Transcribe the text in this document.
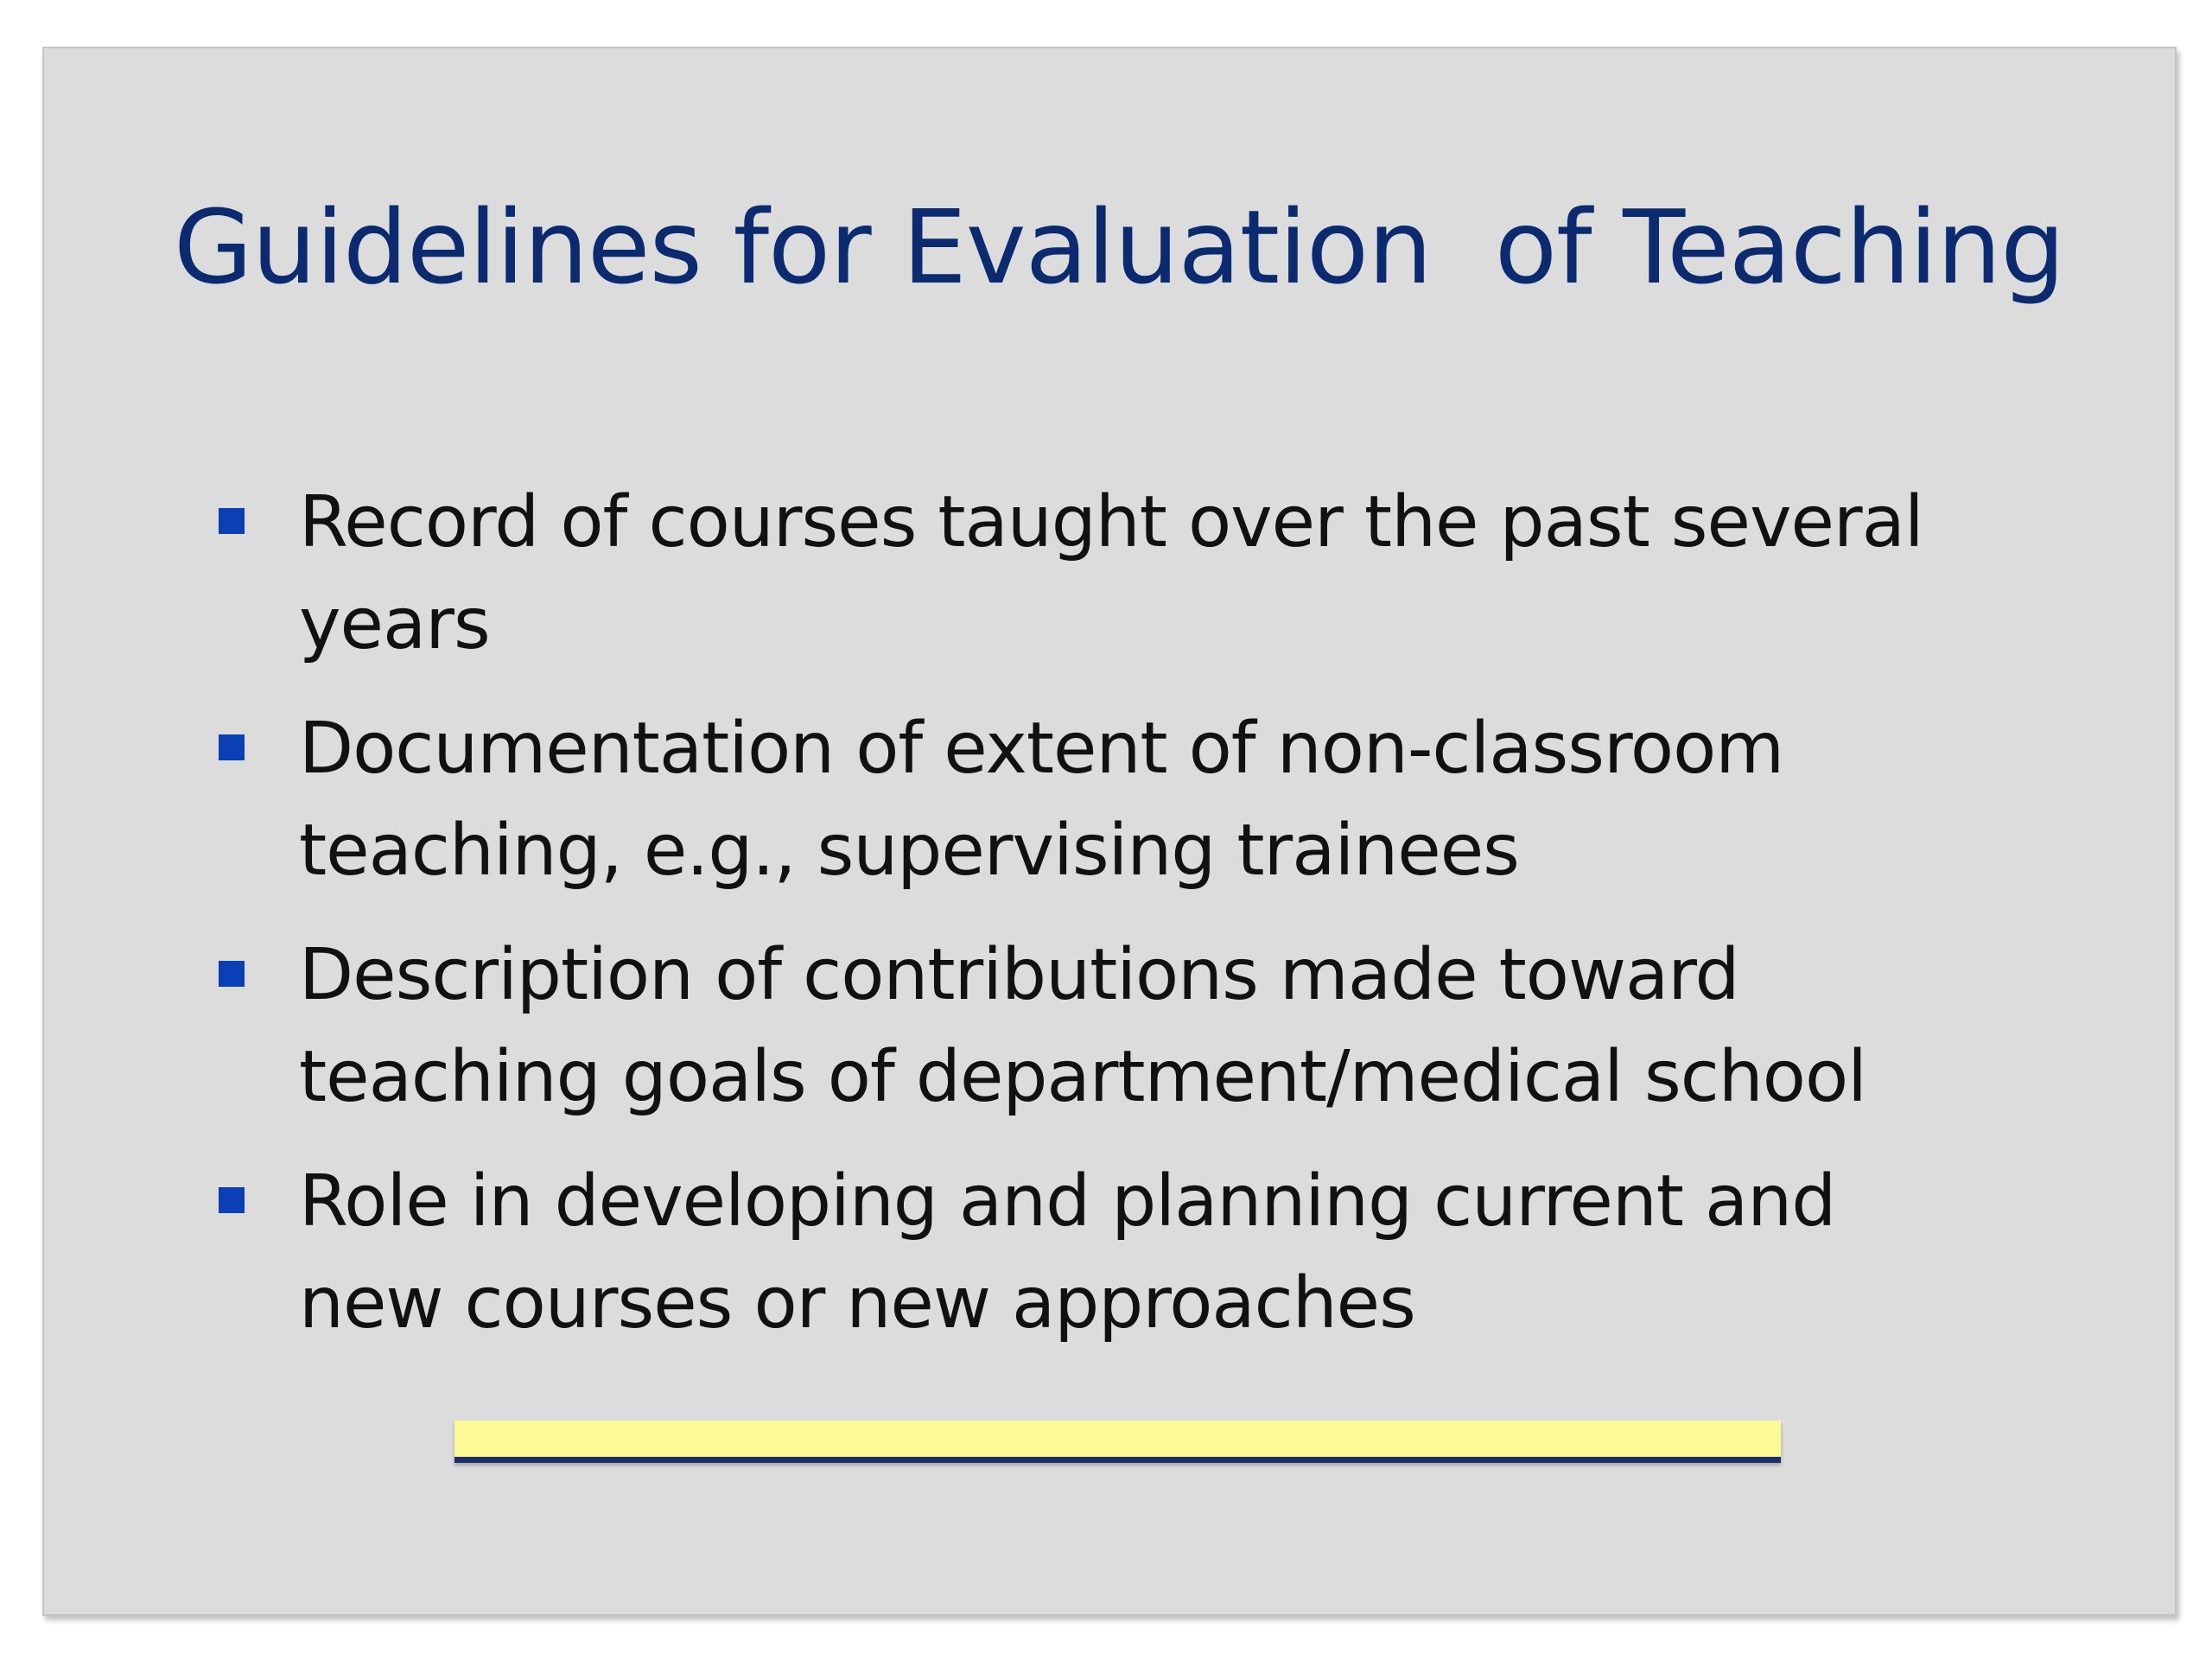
Guidelines for Evaluation  of Teaching
Record of courses taught over the past several years
Documentation of extent of non-classroom teaching, e.g., supervising trainees
Description of contributions made toward teaching goals of department/medical school
Role in developing and planning current and new courses or new approaches
